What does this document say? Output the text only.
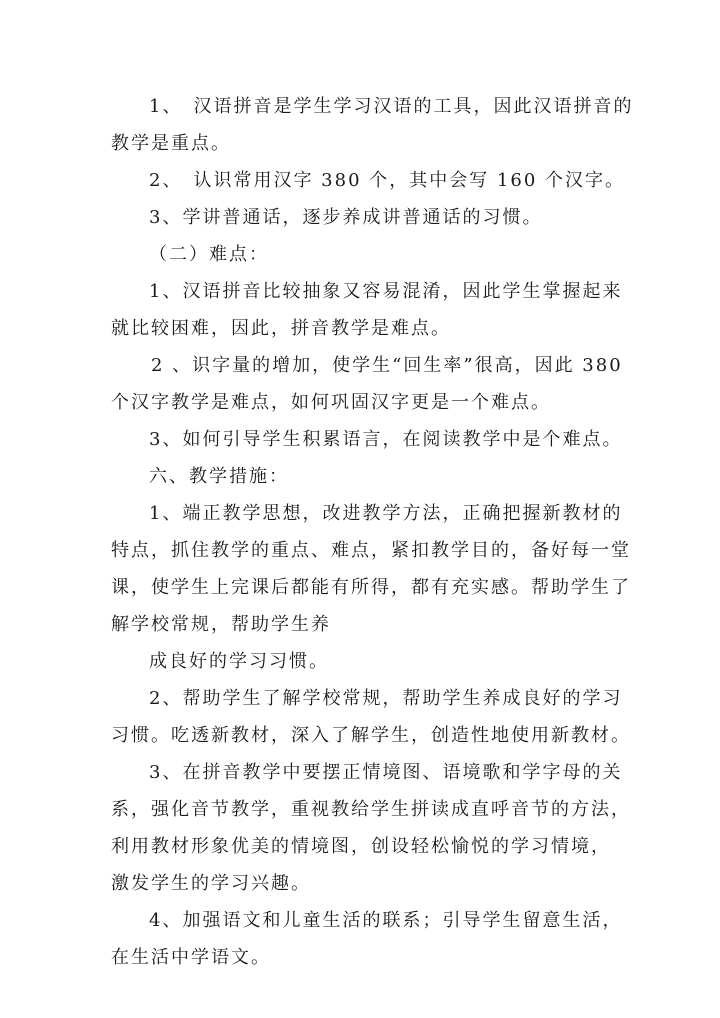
1、　汉语拼音是学生学习汉语的工具，因此汉语拼音的
教学是重点。
2、　认识常用汉字 380 个，其中会写 160 个汉字。
3、学讲普通话，逐步养成讲普通话的习惯。
（二）难点：
1、汉语拼音比较抽象又容易混淆，因此学生掌握起来
就比较困难，因此，拼音教学是难点。
2 、识字量的增加，使学生“回生率”很高，因此 380
个汉字教学是难点，如何巩固汉字更是一个难点。
3、如何引导学生积累语言，在阅读教学中是个难点。
六、教学措施：
1、端正教学思想，改进教学方法，正确把握新教材的
特点，抓住教学的重点、难点，紧扣教学目的，备好每一堂
课，使学生上完课后都能有所得，都有充实感。帮助学生了
解学校常规，帮助学生养
成良好的学习习惯。
2、帮助学生了解学校常规，帮助学生养成良好的学习
习惯。吃透新教材，深入了解学生，创造性地使用新教材。
3、在拼音教学中要摆正情境图、语境歌和学字母的关
系，强化音节教学，重视教给学生拼读成直呼音节的方法，
利用教材形象优美的情境图，创设轻松愉悦的学习情境，
激发学生的学习兴趣。
4、加强语文和儿童生活的联系；引导学生留意生活，
在生活中学语文。
